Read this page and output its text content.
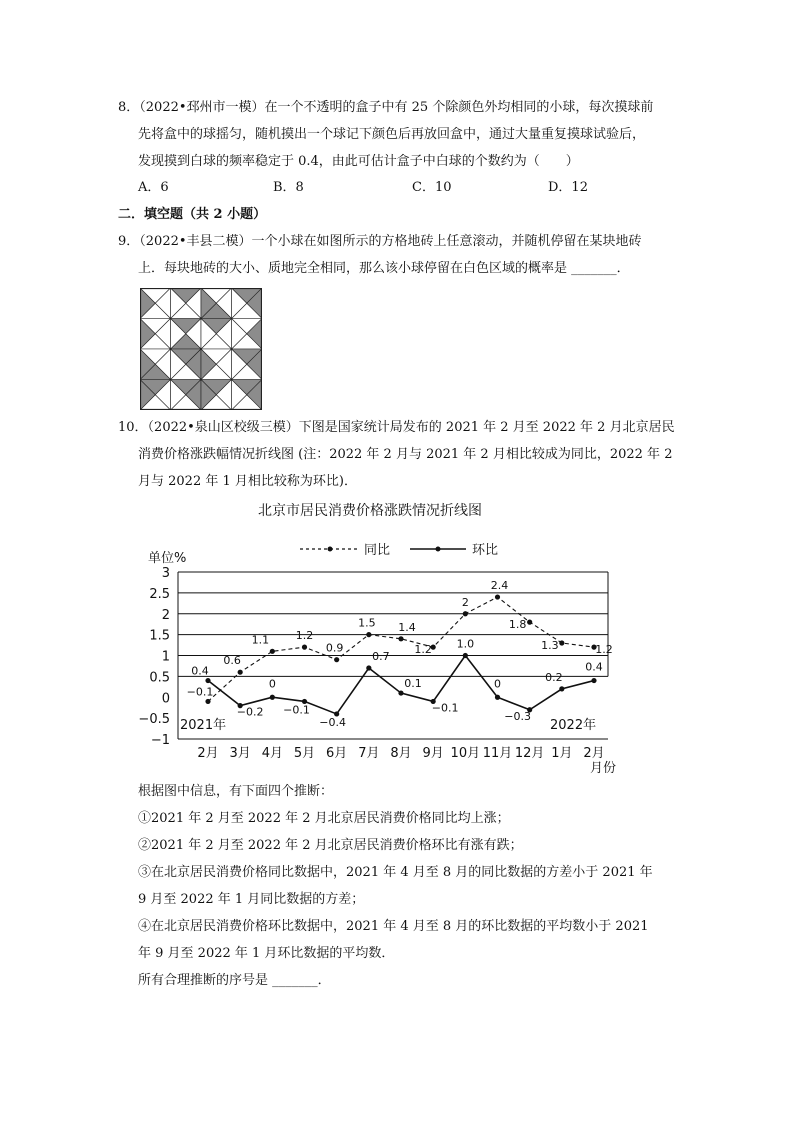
8．（2022•邳州市一模）在一个不透明的盒子中有 25 个除颜色外均相同的小球，每次摸球前
先将盒中的球摇匀，随机摸出一个球记下颜色后再放回盒中，通过大量重复摸球试验后，
发现摸到白球的频率稳定于 0.4，由此可估计盒子中白球的个数约为（　　）
A．6	B．8	C．10	D．12
二．填空题（共 2 小题）
9．（2022•丰县二模）一个小球在如图所示的方格地砖上任意滚动，并随机停留在某块地砖
上．每块地砖的大小、质地完全相同，那么该小球停留在白色区域的概率是 _______．
10．（2022•泉山区校级三模）下图是国家统计局发布的 2021 年 2 月至 2022 年 2 月北京居民
消费价格涨跌幅情况折线图 (注：2022 年 2 月与 2021 年 2 月相比较成为同比，2022 年 2
月与 2022 年 1 月相比较称为环比)．
北京市居民消费价格涨跌情况折线图
3
2.5
2
1.5
1
0.5
0
−0.5
−1
2月 3月 4月 5月 6月 7月 8月 9月 10月 11月 12月 1月 2月
−0.1
0.6
1.1 1.2
0.9
1.5 1.4
1.2
2
2.4
1.8
1.3	1.2
0.4
−0.2
0
−0.1
−0.4
0.7
0.1
−0.1
1.0
0
−0.3
0.2
0.4
单位%
月份
同比	环比
2021年	2022年
根据图中信息，有下面四个推断：
①2021 年 2 月至 2022 年 2 月北京居民消费价格同比均上涨；
②2021 年 2 月至 2022 年 2 月北京居民消费价格环比有涨有跌；
③在北京居民消费价格同比数据中，2021 年 4 月至 8 月的同比数据的方差小于 2021 年
9 月至 2022 年 1 月同比数据的方差；
④在北京居民消费价格环比数据中，2021 年 4 月至 8 月的环比数据的平均数小于 2021
年 9 月至 2022 年 1 月环比数据的平均数．
所有合理推断的序号是 _______．
